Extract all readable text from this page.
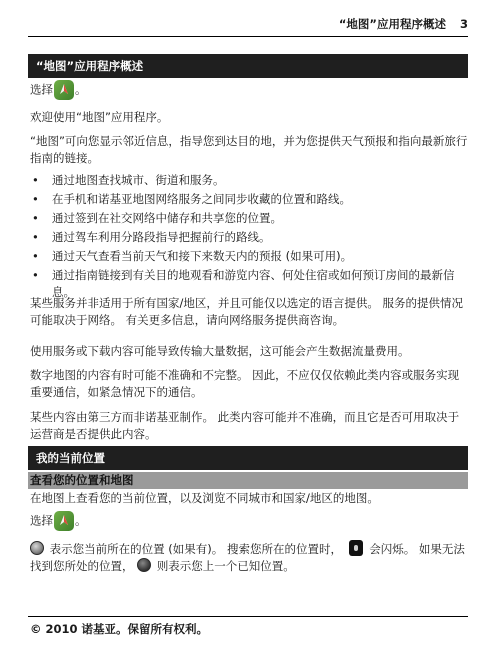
“地图”应用程序概述 3
“地图”应用程序概述

选择 。

欢迎使用“地图”应用程序。

“地图”可向您显示邻近信息，指导您到达目的地，并为您提供天气预报和指向最新旅行指南的链接。

• 通过地图查找城市、街道和服务。
• 在手机和诺基亚地图网络服务之间同步收藏的位置和路线。
• 通过签到在社交网络中储存和共享您的位置。
• 通过驾车利用分路段指导把握前行的路线。
• 通过天气查看当前天气和接下来数天内的预报 (如果可用)。
• 通过指南链接到有关目的地观看和游览内容、何处住宿或如何预订房间的最新信息。

某些服务并非适用于所有国家/地区，并且可能仅以选定的语言提供。 服务的提供情况可能取决于网络。 有关更多信息，请向网络服务提供商咨询。

使用服务或下载内容可能导致传输大量数据，这可能会产生数据流量费用。

数字地图的内容有时可能不准确和不完整。 因此，不应仅仅依赖此类内容或服务实现重要通信，如紧急情况下的通信。

某些内容由第三方而非诺基亚制作。 此类内容可能并不准确，而且它是否可用取决于运营商是否提供此内容。

我的当前位置
查看您的位置和地图

在地图上查看您的当前位置，以及浏览不同城市和国家/地区的地图。

选择 。

表示您当前所在的位置 (如果有)。 搜索您所在的位置时， 会闪烁。 如果无法找到您所处的位置， 则表示您上一个已知位置。

© 2010 诺基亚。保留所有权利。
